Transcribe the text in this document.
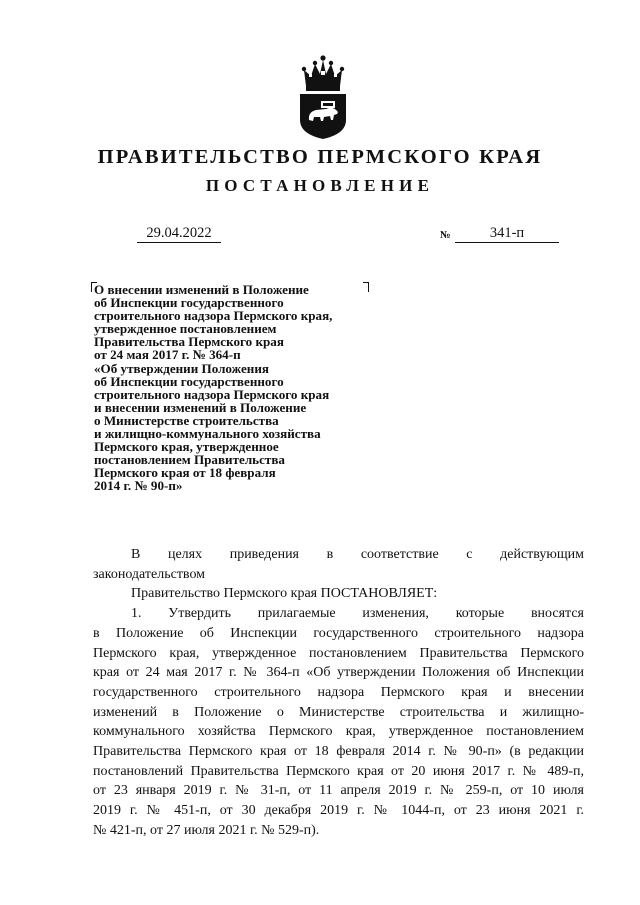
ПРАВИТЕЛЬСТВО ПЕРМСКОГО КРАЯ
ПОСТАНОВЛЕНИЕ
29.04.2022	№	341-п
О внесении изменений в Положение
об Инспекции государственного
строительного надзора Пермского края,
утвержденное постановлением
Правительства Пермского края
от 24 мая 2017 г. № 364-п
«Об утверждении Положения
об Инспекции государственного
строительного надзора Пермского края
и внесении изменений в Положение
о Министерстве строительства
и жилищно-коммунального хозяйства
Пермского края, утвержденное
постановлением Правительства
Пермского края от 18 февраля
2014 г. № 90-п»

В целях приведения в соответствие с действующим

законодательством

Правительство Пермского края ПОСТАНОВЛЯЕТ:

1. Утвердить прилагаемые изменения, которые вносятся
в Положение об Инспекции государственного строительного надзора
Пермского края, утвержденное постановлением Правительства Пермского
края от 24 мая 2017 г. № 364-п «Об утверждении Положения об Инспекции
государственного строительного надзора Пермского края и внесении
изменений в Положение о Министерстве строительства и жилищно-
коммунального хозяйства Пермского края, утвержденное постановлением
Правительства Пермского края от 18 февраля 2014 г. № 90-п» (в редакции
постановлений Правительства Пермского края от 20 июня 2017 г. № 489-п,
от 23 января 2019 г. № 31-п, от 11 апреля 2019 г. № 259-п, от 10 июля
2019 г. № 451-п, от 30 декабря 2019 г. № 1044-п, от 23 июня 2021 г.
№ 421-п, от 27 июля 2021 г. № 529-п).
